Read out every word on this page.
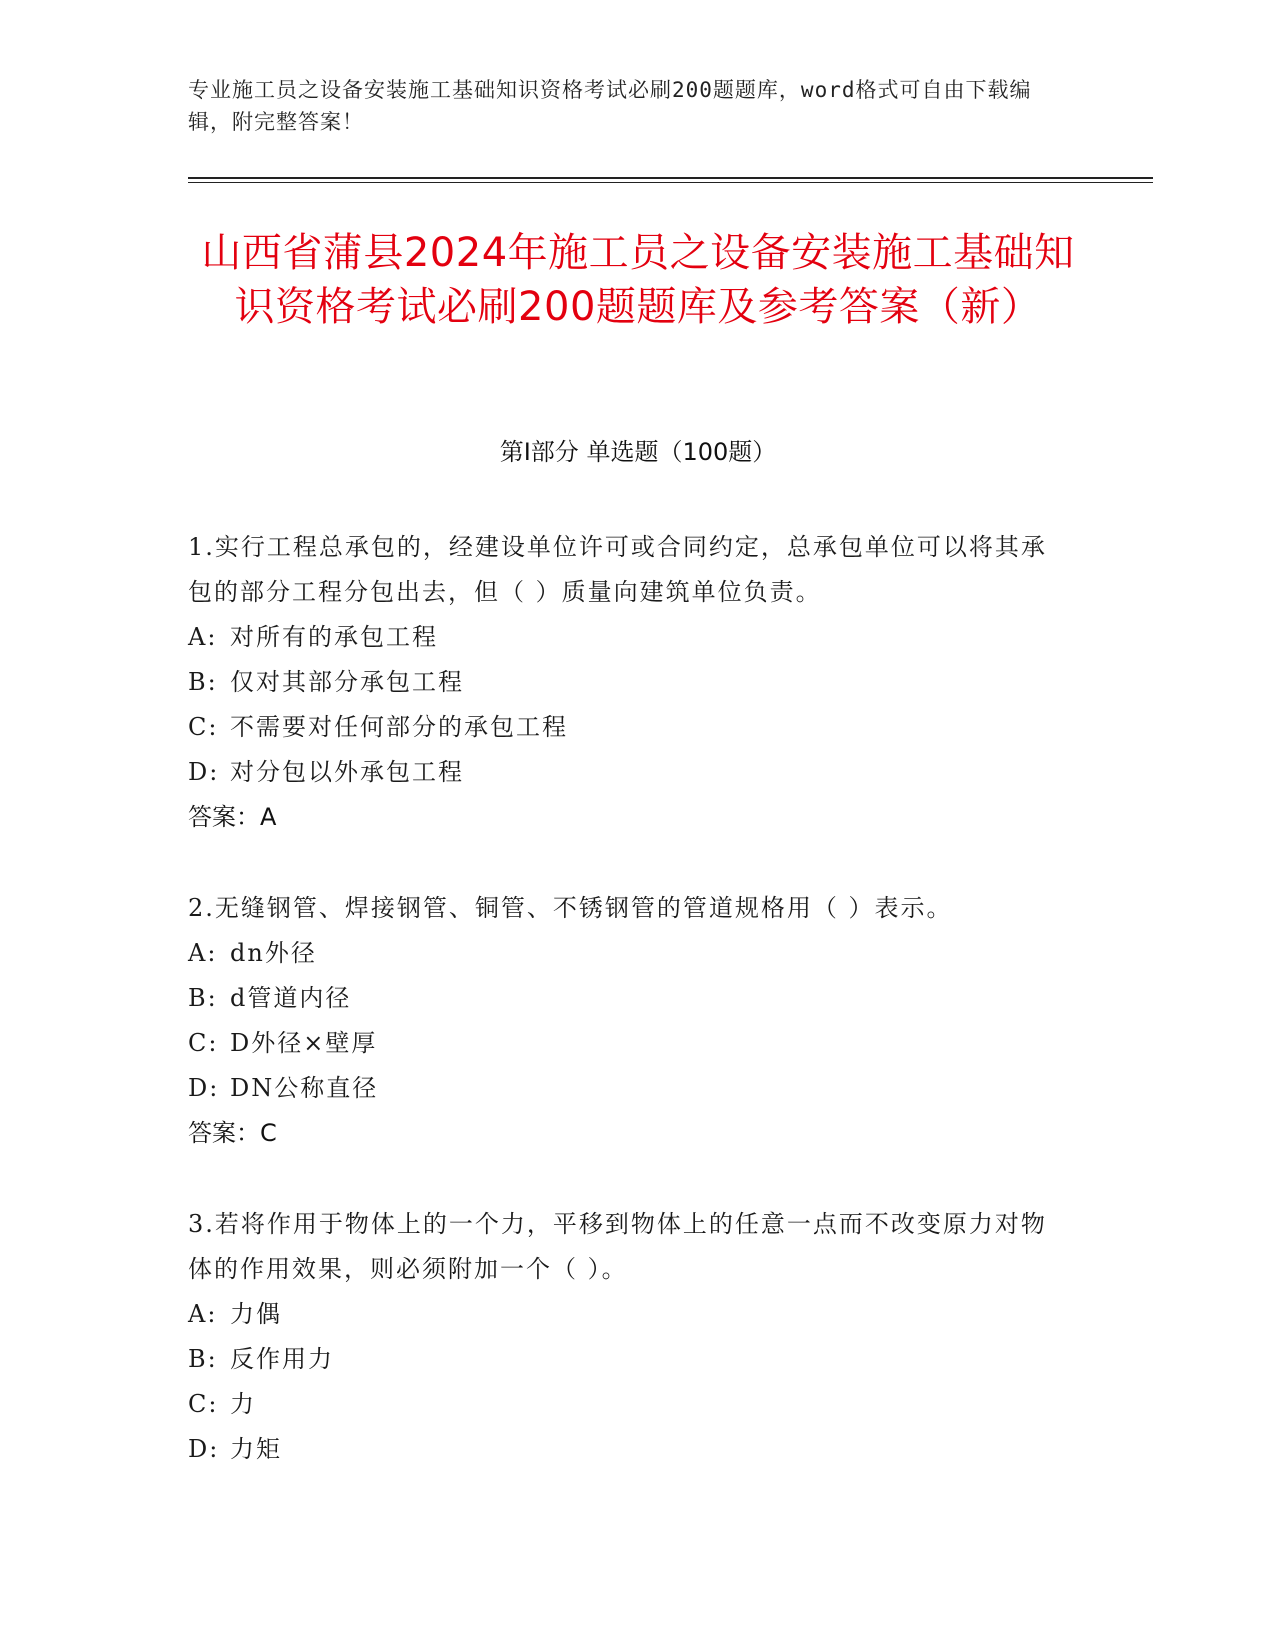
专业施工员之设备安装施工基础知识资格考试必刷200题题库，word格式可自由下载编辑，附完整答案！
山西省蒲县2024年施工员之设备安装施工基础知识资格考试必刷200题题库及参考答案（新）
第I部分 单选题（100题）
1.实行工程总承包的，经建设单位许可或合同约定，总承包单位可以将其承包的部分工程分包出去，但（ ）质量向建筑单位负责。
A: 对所有的承包工程
B: 仅对其部分承包工程
C: 不需要对任何部分的承包工程
D: 对分包以外承包工程
答案：A
2.无缝钢管、焊接钢管、铜管、不锈钢管的管道规格用（ ）表示。
A: dn外径
B: d管道内径
C: D外径×壁厚
D: DN公称直径
答案：C
3.若将作用于物体上的一个力，平移到物体上的任意一点而不改变原力对物体的作用效果，则必须附加一个（ ）。
A: 力偶
B: 反作用力
C: 力
D: 力矩
